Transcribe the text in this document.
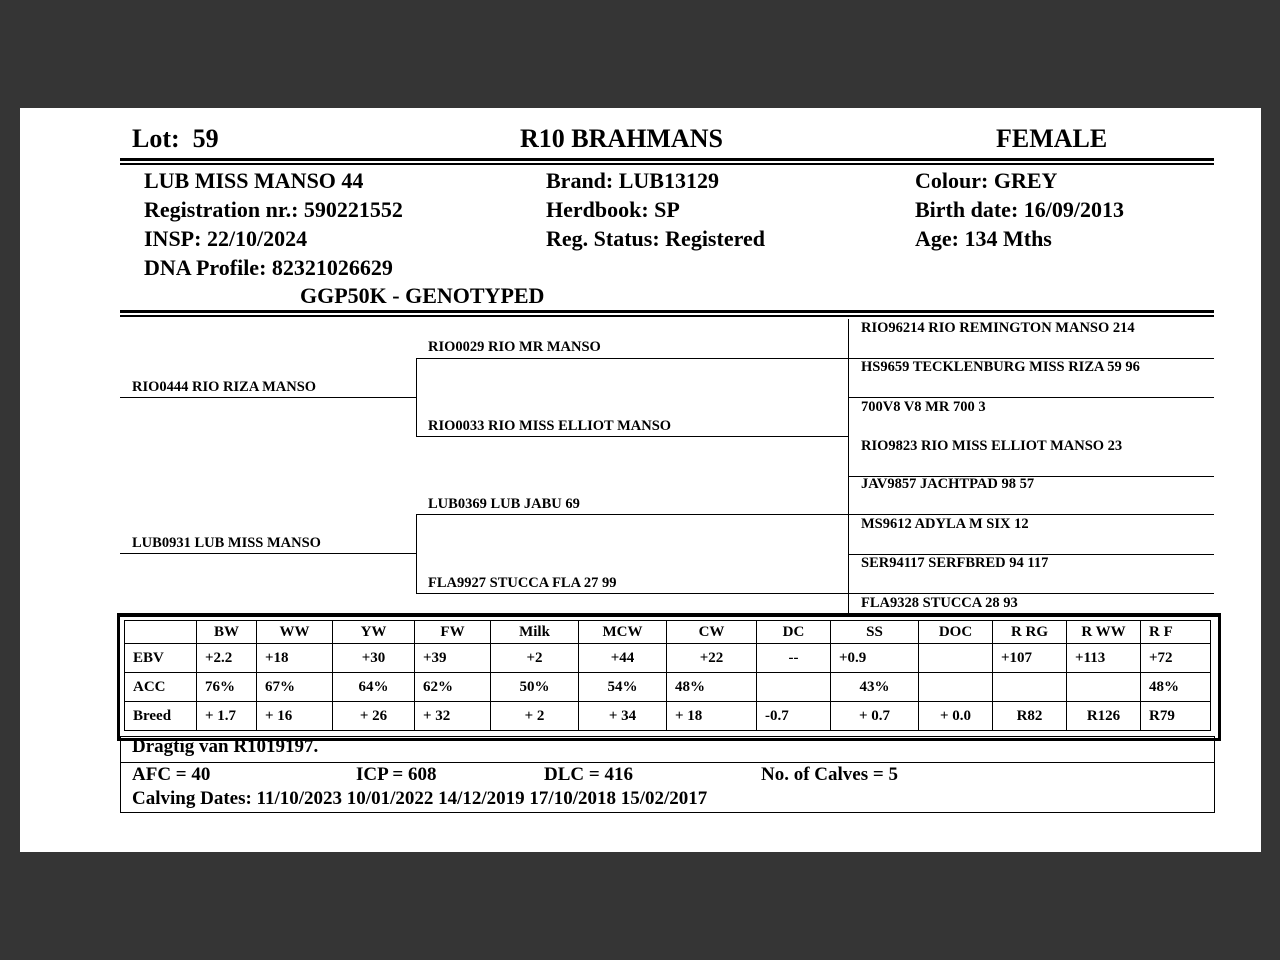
Lot: 59	R10 BRAHMANS	FEMALE
LUB MISS MANSO 44
Registration nr.: 590221552
INSP: 22/10/2024
DNA Profile: 82321026629
GGP50K - GENOTYPED
Brand: LUB13129
Herdbook: SP
Reg. Status: Registered
Colour: GREY
Birth date: 16/09/2013
Age: 134 Mths
RIO0444 RIO RIZA MANSO
LUB0931 LUB MISS MANSO
RIO0029 RIO MR MANSO
RIO0033 RIO MISS ELLIOT MANSO
LUB0369 LUB JABU 69
FLA9927 STUCCA FLA 27 99
RIO96214 RIO REMINGTON MANSO 214
HS9659 TECKLENBURG MISS RIZA 59 96
700V8 V8 MR 700 3
RIO9823 RIO MISS ELLIOT MANSO 23
JAV9857 JACHTPAD 98 57
MS9612 ADYLA M SIX 12
SER94117 SERFBRED 94 117
FLA9328 STUCCA 28 93
	BW	WW	YW	FW	Milk	MCW	CW	DC	SS	DOC	R RG	R WW	R F
EBV	+2.2	+18	+30	+39	+2	+44	+22	--	+0.9		+107	+113	+72
ACC	76%	67%	64%	62%	50%	54%	48%		43%				48%
Breed	+ 1.7	+ 16	+ 26	+ 32	+ 2	+ 34	+ 18	-0.7	+ 0.7	+ 0.0	R82	R126	R79
Dragtig van R1019197.
AFC = 40	ICP = 608	DLC = 416	No. of Calves = 5
Calving Dates: 11/10/2023 10/01/2022 14/12/2019 17/10/2018 15/02/2017
